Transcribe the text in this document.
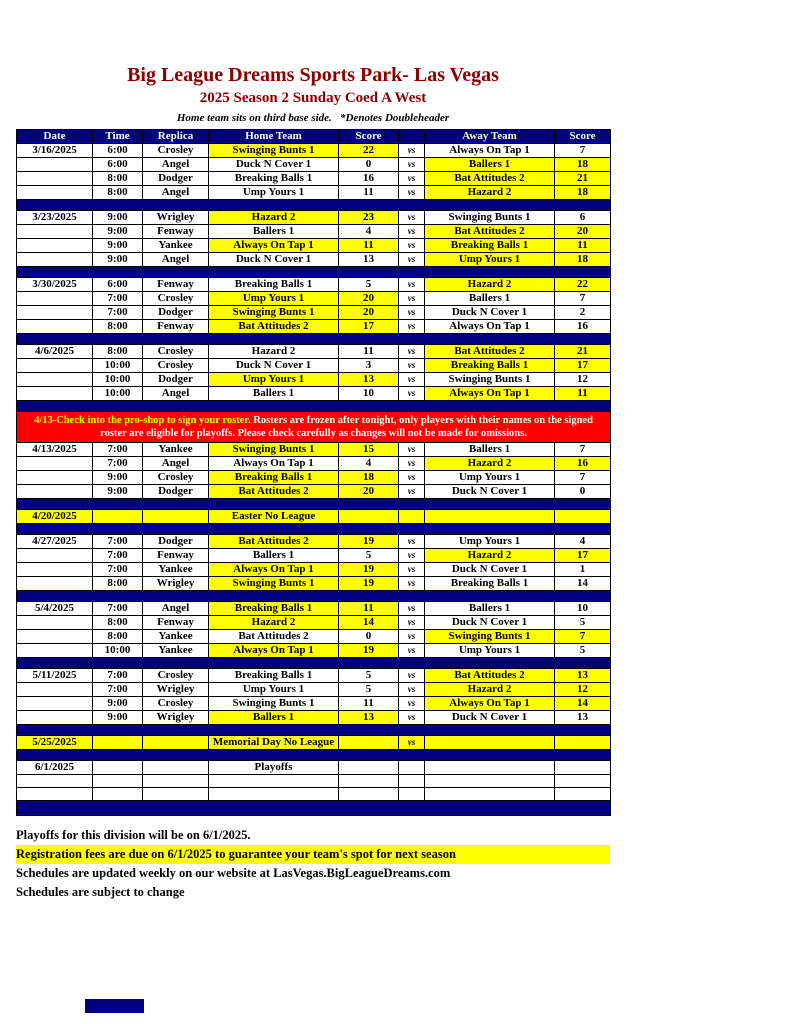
Big League Dreams Sports Park- Las Vegas
2025 Season 2 Sunday Coed A West
Home team sits on third base side. *Denotes Doubleheader
Date	Time	Replica	Home Team	Score		Away Team	Score
3/16/2025	6:00	Crosley	Swinging Bunts 1	22	vs	Always On Tap 1	7
	6:00	Angel	Duck N Cover 1	0	vs	Ballers 1	18
	8:00	Dodger	Breaking Balls 1	16	vs	Bat Attitudes 2	21
	8:00	Angel	Ump Yours 1	11	vs	Hazard 2	18

3/23/2025	9:00	Wrigley	Hazard 2	23	vs	Swinging Bunts 1	6
	9:00	Fenway	Ballers 1	4	vs	Bat Attitudes 2	20
	9:00	Yankee	Always On Tap 1	11	vs	Breaking Balls 1	11
	9:00	Angel	Duck N Cover 1	13	vs	Ump Yours 1	18

3/30/2025	6:00	Fenway	Breaking Balls 1	5	vs	Hazard 2	22
	7:00	Crosley	Ump Yours 1	20	vs	Ballers 1	7
	7:00	Dodger	Swinging Bunts 1	20	vs	Duck N Cover 1	2
	8:00	Fenway	Bat Attitudes 2	17	vs	Always On Tap 1	16

4/6/2025	8:00	Crosley	Hazard 2	11	vs	Bat Attitudes 2	21
	10:00	Crosley	Duck N Cover 1	3	vs	Breaking Balls 1	17
	10:00	Dodger	Ump Yours 1	13	vs	Swinging Bunts 1	12
	10:00	Angel	Ballers 1	10	vs	Always On Tap 1	11

4/13-Check into the pro-shop to sign your roster. Rosters are frozen after tonight, only players with their names on the signed roster are eligible for playoffs. Please check carefully as changes will not be made for omissions.							
4/13/2025	7:00	Yankee	Swinging Bunts 1	15	vs	Ballers 1	7
	7:00	Angel	Always On Tap 1	4	vs	Hazard 2	16
	9:00	Crosley	Breaking Balls 1	18	vs	Ump Yours 1	7
	9:00	Dodger	Bat Attitudes 2	20	vs	Duck N Cover 1	0

4/20/2025			Easter No League				

4/27/2025	7:00	Dodger	Bat Attitudes 2	19	vs	Ump Yours 1	4
	7:00	Fenway	Ballers 1	5	vs	Hazard 2	17
	7:00	Yankee	Always On Tap 1	19	vs	Duck N Cover 1	1
	8:00	Wrigley	Swinging Bunts 1	19	vs	Breaking Balls 1	14

5/4/2025	7:00	Angel	Breaking Balls 1	11	vs	Ballers 1	10
	8:00	Fenway	Hazard 2	14	vs	Duck N Cover 1	5
	8:00	Yankee	Bat Attitudes 2	0	vs	Swinging Bunts 1	7
	10:00	Yankee	Always On Tap 1	19	vs	Ump Yours 1	5

5/11/2025	7:00	Crosley	Breaking Balls 1	5	vs	Bat Attitudes 2	13
	7:00	Wrigley	Ump Yours 1	5	vs	Hazard 2	12
	9:00	Crosley	Swinging Bunts 1	11	vs	Always On Tap 1	14
	9:00	Wrigley	Ballers 1	13	vs	Duck N Cover 1	13

5/25/2025			Memorial Day No League		vs		

6/1/2025			Playoffs				

Playoffs for this division will be on 6/1/2025.
Registration fees are due on 6/1/2025 to guarantee your team's spot for next season
Schedules are updated weekly on our website at LasVegas.BigLeagueDreams.com
Schedules are subject to change
